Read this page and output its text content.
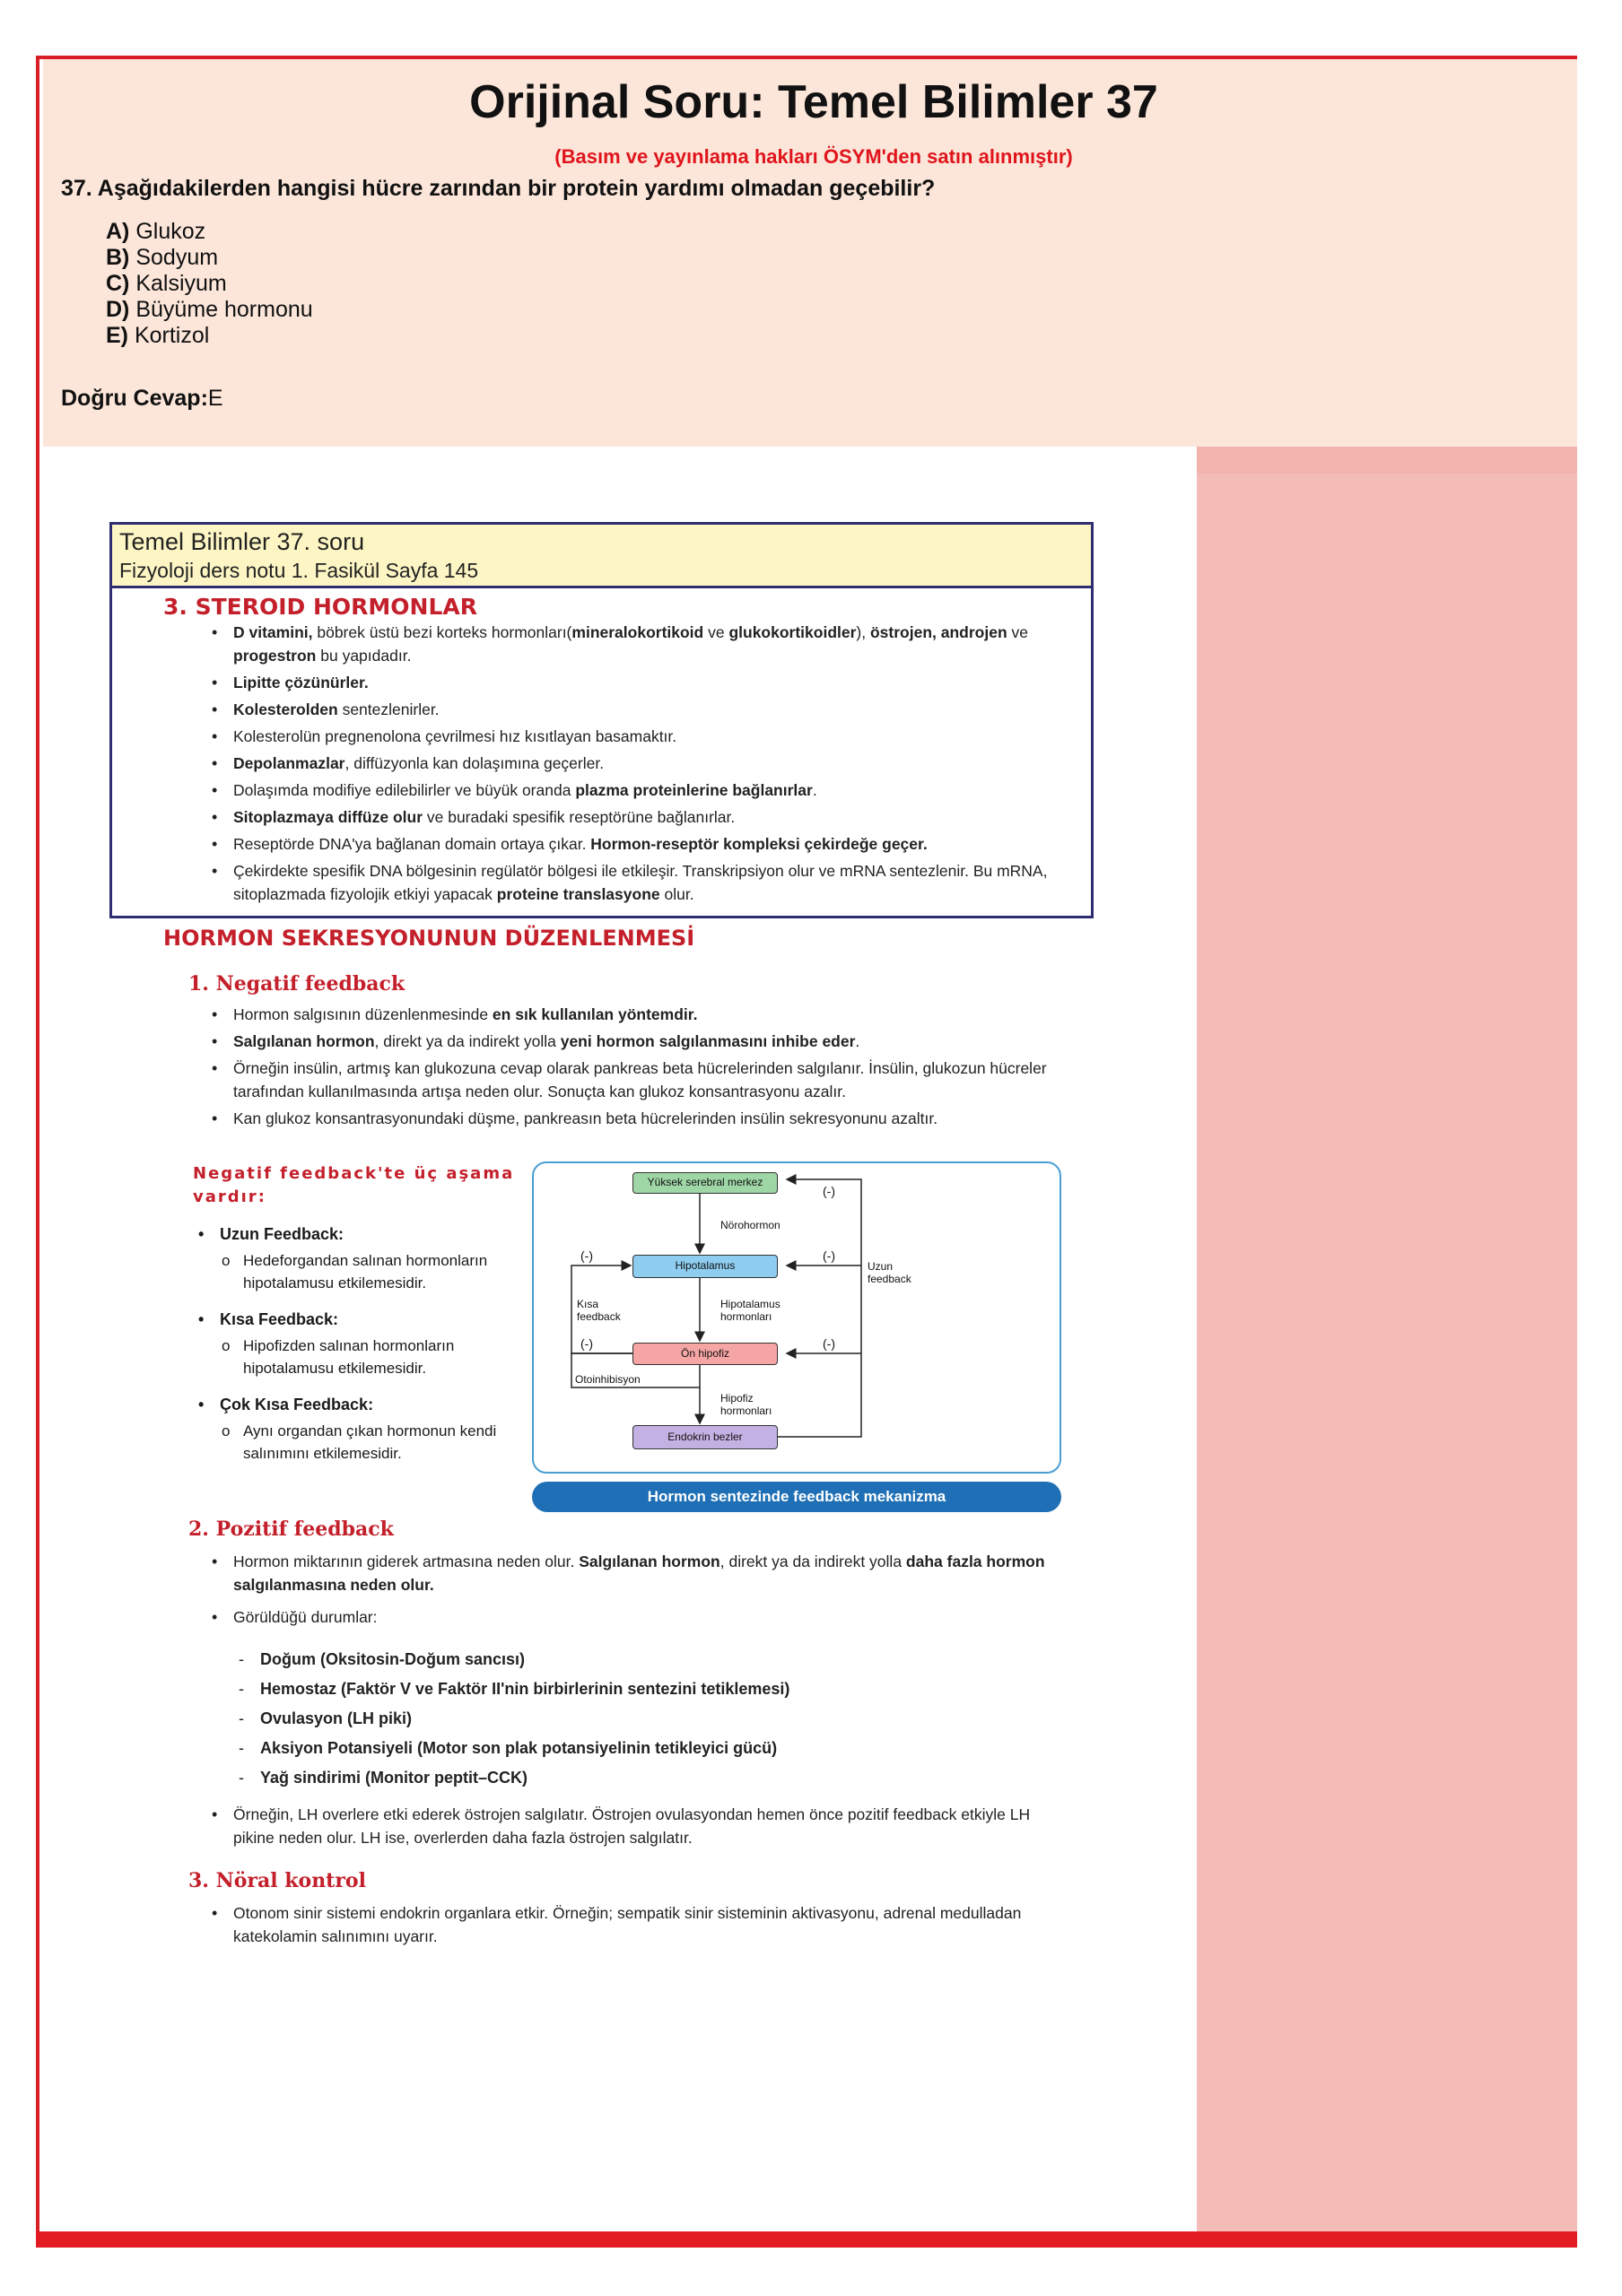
Orijinal Soru: Temel Bilimler 37
(Basım ve yayınlama hakları ÖSYM'den satın alınmıştır)
37. Aşağıdakilerden hangisi hücre zarından bir protein yardımı olmadan geçebilir?
A) Glukoz
B) Sodyum
C) Kalsiyum
D) Büyüme hormonu
E) Kortizol
Doğru Cevap:E
Temel Bilimler 37. soru
Fizyoloji ders notu 1. Fasikül Sayfa 145
3. STEROID HORMONLAR
• D vitamini, böbrek üstü bezi korteks hormonları(mineralokortikoid ve glukokortikoidler), östrojen, androjen ve progestron bu yapıdadır.
• Lipitte çözünürler.
• Kolesterolden sentezlenirler.
• Kolesterolün pregnenolona çevrilmesi hız kısıtlayan basamaktır.
• Depolanmazlar, diffüzyonla kan dolaşımına geçerler.
• Dolaşımda modifiye edilebilirler ve büyük oranda plazma proteinlerine bağlanırlar.
• Sitoplazmaya diffüze olur ve buradaki spesifik reseptörüne bağlanırlar.
• Reseptörde DNA'ya bağlanan domain ortaya çıkar. Hormon-reseptör kompleksi çekirdeğe geçer.
• Çekirdekte spesifik DNA bölgesinin regülatör bölgesi ile etkileşir. Transkripsiyon olur ve mRNA sentezlenir. Bu mRNA, sitoplazmada fizyolojik etkiyi yapacak proteine translasyone olur.
HORMON SEKRESYONUNUN DÜZENLENMESİ
1. Negatif feedback
• Hormon salgısının düzenlenmesinde en sık kullanılan yöntemdir.
• Salgılanan hormon, direkt ya da indirekt yolla yeni hormon salgılanmasını inhibe eder.
• Örneğin insülin, artmış kan glukozuna cevap olarak pankreas beta hücrelerinden salgılanır. İnsülin, glukozun hücreler tarafından kullanılmasında artışa neden olur. Sonuçta kan glukoz konsantrasyonu azalır.
• Kan glukoz konsantrasyonundaki düşme, pankreasın beta hücrelerinden insülin sekresyonunu azaltır.
Negatif feedback'te üç aşama vardır:
• Uzun Feedback:
o Hedeforgandan salınan hormonların hipotalamusu etkilemesidir.
• Kısa Feedback:
o Hipofizden salınan hormonların hipotalamusu etkilemesidir.
• Çok Kısa Feedback:
o Aynı organdan çıkan hormonun kendi salınımını etkilemesidir.
Yüksek serebral merkez
Hipotalamus
Ön hipofiz
Endokrin bezler
Nörohormon
Hipotalamus hormonları
Hipofiz hormonları
Kısa feedback
Uzun feedback
Otoinhibisyon
(-)
(-)
(-)
(-)
(-)
Hormon sentezinde feedback mekanizma
2. Pozitif feedback
• Hormon miktarının giderek artmasına neden olur. Salgılanan hormon, direkt ya da indirekt yolla daha fazla hormon salgılanmasına neden olur.
• Görüldüğü durumlar:
- Doğum (Oksitosin-Doğum sancısı)
- Hemostaz (Faktör V ve Faktör II'nin birbirlerinin sentezini tetiklemesi)
- Ovulasyon (LH piki)
- Aksiyon Potansiyeli (Motor son plak potansiyelinin tetikleyici gücü)
- Yağ sindirimi (Monitor peptit–CCK)
• Örneğin, LH overlere etki ederek östrojen salgılatır. Östrojen ovulasyondan hemen önce pozitif feedback etkiyle LH pikine neden olur. LH ise, overlerden daha fazla östrojen salgılatır.
3. Nöral kontrol
• Otonom sinir sistemi endokrin organlara etkir. Örneğin; sempatik sinir sisteminin aktivasyonu, adrenal medulladan katekolamin salınımını uyarır.
